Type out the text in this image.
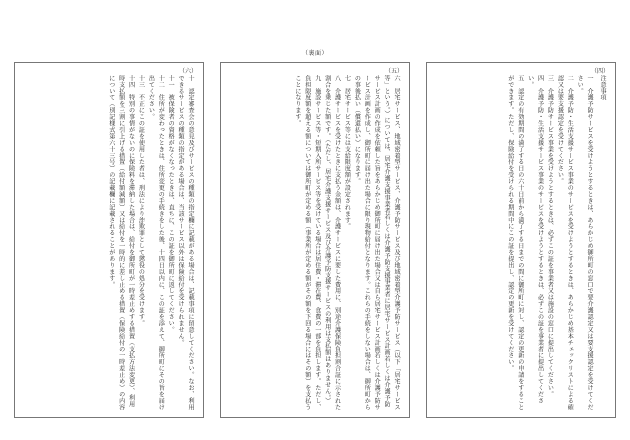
（裏面）
（六）

十　認定審査会の意見及びサービスの種類の指定欄に記載がある場合は、記載事項に留意してください。なお、利用できるサービスの種類の指定がある場合は、当該サービス以外は保険給付を受けられません。

十一　被保険者の資格がなくなったときは、直ちに、この証を御所町に返してください。

十二　住所が変わったときは、住所変更の手続きをした後、十四日以内に、この証を添えて、御所町にその旨を届け出てください。

十三　不正にこの証を使用した者は、刑法により詐欺罪として懲役の処分を受けます。

十四　特別の事情がないのに保険料を滞納した場合は、給付を御所町が一時差止めする措置（支払方法変更）、利用時支払額を三割に引上げる措置（給付額減額）又は給付を一時的に差し止める措置（保険給付の一時差止め）の内容について（別記様式第六十三号）の記載欄に記載されることがあります。

（五）

六　居宅サービス、地域密着型サービス、介護予防サービス及び地域密着型介護予防サービス（以下「居宅サービス等」という。）については、居宅介護支援事業者若しくは介護予防支援事業者に居宅サービス計画若しくは介護予防サービス計画の作成を依頼した旨をあらかじめ御所町に届け出た場合又は自ら居宅サービス計画若しくは介護予防サービス計画を作成し、御所町に届け出た場合に限り現物給付となります。これらの手続をしない場合は、御所町からの事後払い（償還払い）になります。

七　居宅サービス等には支給限度額が設定されます。

八　介護サービスを受けたときに支払う金額は、介護サービスに要した費用に、別途介護保険負担割合証に示された割合を乗じた額です。（ただし、居宅介護支援サービス及び介護予防支援サービスの利用は支払額はありません。）

九　施設サービス等・短期入所サービス等を受けている場合は居住費・滞在費、食費の一部を負担します。ただし、負担限度額を超える額については御所町が定める額（事業所が定める額がその額を下回る場合にはその額）を支払うことになります。

（四）

注意事項

一　介護予防サービスを受けようとするときは、あらかじめ御所町の窓口で要介護認定又は要支援認定を受けてください。

二　介護予防・生活支援サービス事業のサービスを受けようとするときは、あらかじめ基本チェックリストによる確認又は要支援認定を受けてください。

三　介護予防サービス事業を受けようとするときは、必ずこの証を事業者又は施設の窓口に提出してください。

四　介護予防・生活支援サービス事業のサービスを受けようとするときは、必ずこの証を事業者に提出してください。

五　認定の有効期間の満了する日の六十日前から満了する日までの間に御所町に対し、認定の更新の申請をすることができます。ただし、保険給付を受けられる期間中にこの証を提出し、認定の更新を受けてください。
